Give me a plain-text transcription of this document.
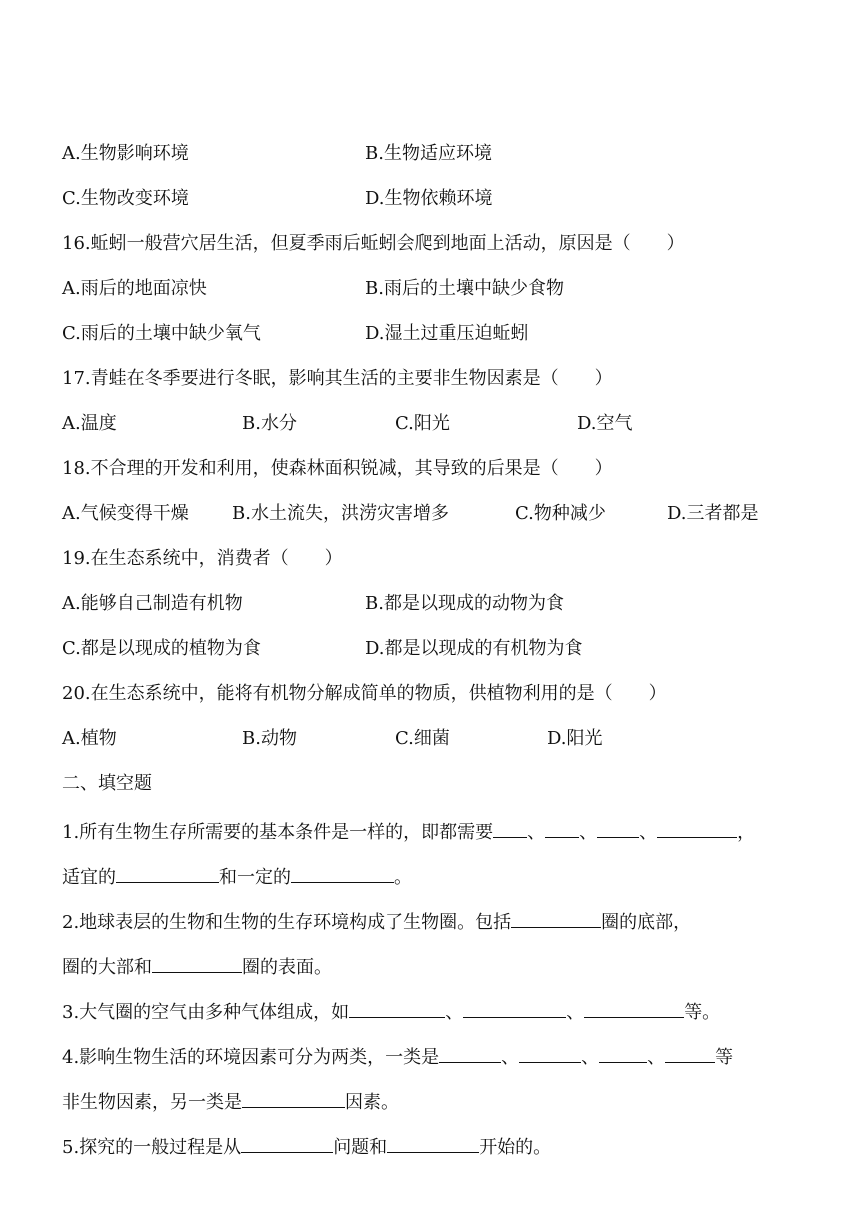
A.生物影响环境	B.生物适应环境
C.生物改变环境	D.生物依赖环境
16.蚯蚓一般营穴居生活，但夏季雨后蚯蚓会爬到地面上活动，原因是（　　）
A.雨后的地面凉快	B.雨后的土壤中缺少食物
C.雨后的土壤中缺少氧气	D.湿土过重压迫蚯蚓
17.青蛙在冬季要进行冬眠，影响其生活的主要非生物因素是（　　）
A.温度	B.水分	C.阳光	D.空气
18.不合理的开发和利用，使森林面积锐减，其导致的后果是（　　）
A.气候变得干燥 B.水土流失，洪涝灾害增多	C.物种减少	D.三者都是
19.在生态系统中，消费者（　　）
A.能够自己制造有机物	B.都是以现成的动物为食
C.都是以现成的植物为食	D.都是以现成的有机物为食
20.在生态系统中，能将有机物分解成简单的物质，供植物利用的是（　　）
A.植物	B.动物	C.细菌	D.阳光
二、填空题
1.所有生物生存所需要的基本条件是一样的，即都需要 、 、 、	，
适宜的	和一定的	。
2.地球表层的生物和生物的生存环境构成了生物圈。包括	圈的底部，
圈的大部和	圈的表面。
3.大气圈的空气由多种气体组成，如	、	、	等。
4.影响生物生活的环境因素可分为两类，一类是	、	、	、	等
非生物因素，另一类是	因素。
5.探究的一般过程是从	问题和	开始的。
